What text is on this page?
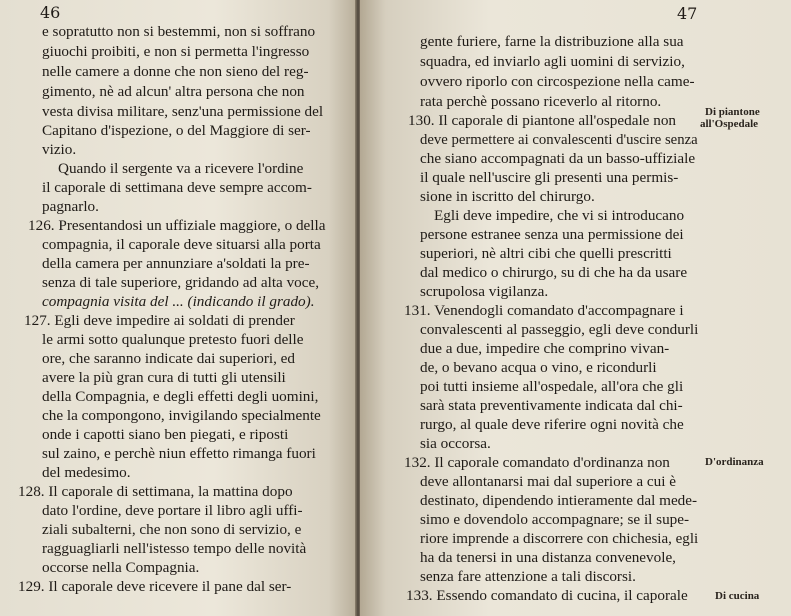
46
e sopratutto non si bestemmi, non si soffrano
giuochi proibiti, e non si permetta l'ingresso
nelle camere a donne che non sieno del reg-
gimento, nè ad alcun' altra persona che non
vesta divisa militare, senz'una permissione del
Capitano d'ispezione, o del Maggiore di ser-
vizio.
Quando il sergente va a ricevere l'ordine
il caporale di settimana deve sempre accom-
pagnarlo.
126. Presentandosi un uffiziale maggiore, o della
compagnia, il caporale deve situarsi alla porta
della camera per annunziare a'soldati la pre-
senza di tale superiore, gridando ad alta voce,
compagnia visita del ... (indicando il grado).
127. Egli deve impedire ai soldati di prender
le armi sotto qualunque pretesto fuori delle
ore, che saranno indicate dai superiori, ed
avere la più gran cura di tutti gli utensili
della Compagnia, e degli effetti degli uomini,
che la compongono, invigilando specialmente
onde i capotti siano ben piegati, e riposti
sul zaino, e perchè niun effetto rimanga fuori
del medesimo.
128. Il caporale di settimana, la mattina dopo
dato l'ordine, deve portare il libro agli uffi-
ziali subalterni, che non sono di servizio, e
ragguagliarli nell'istesso tempo delle novità
occorse nella Compagnia.
129. Il caporale deve ricevere il pane dal ser-
47
gente furiere, farne la distribuzione alla sua
squadra, ed inviarlo agli uomini di servizio,
ovvero riporlo con circospezione nella came-
rata perchè possano riceverlo al ritorno.
130. Il caporale di piantone all'ospedale non
deve permettere ai convalescenti d'uscire senza
che siano accompagnati da un basso-uffiziale
il quale nell'uscire gli presenti una permis-
sione in iscritto del chirurgo.
Egli deve impedire, che vi si introducano
persone estranee senza una permissione dei
superiori, nè altri cibi che quelli prescritti
dal medico o chirurgo, su di che ha da usare
scrupolosa vigilanza.
131. Venendogli comandato d'accompagnare i
convalescenti al passeggio, egli deve condurli
due a due, impedire che comprino vivan-
de, o bevano acqua o vino, e ricondurli
poi tutti insieme all'ospedale, all'ora che gli
sarà stata preventivamente indicata dal chi-
rurgo, al quale deve riferire ogni novità che
sia occorsa.
132. Il caporale comandato d'ordinanza non
deve allontanarsi mai dal superiore a cui è
destinato, dipendendo intieramente dal mede-
simo e dovendolo accompagnare; se il supe-
riore imprende a discorrere con chichesia, egli
ha da tenersi in una distanza convenevole,
senza fare attenzione a tali discorsi.
133. Essendo comandato di cucina, il caporale
Di piantone
all'Ospedale
D'ordinanza
Di cucina
